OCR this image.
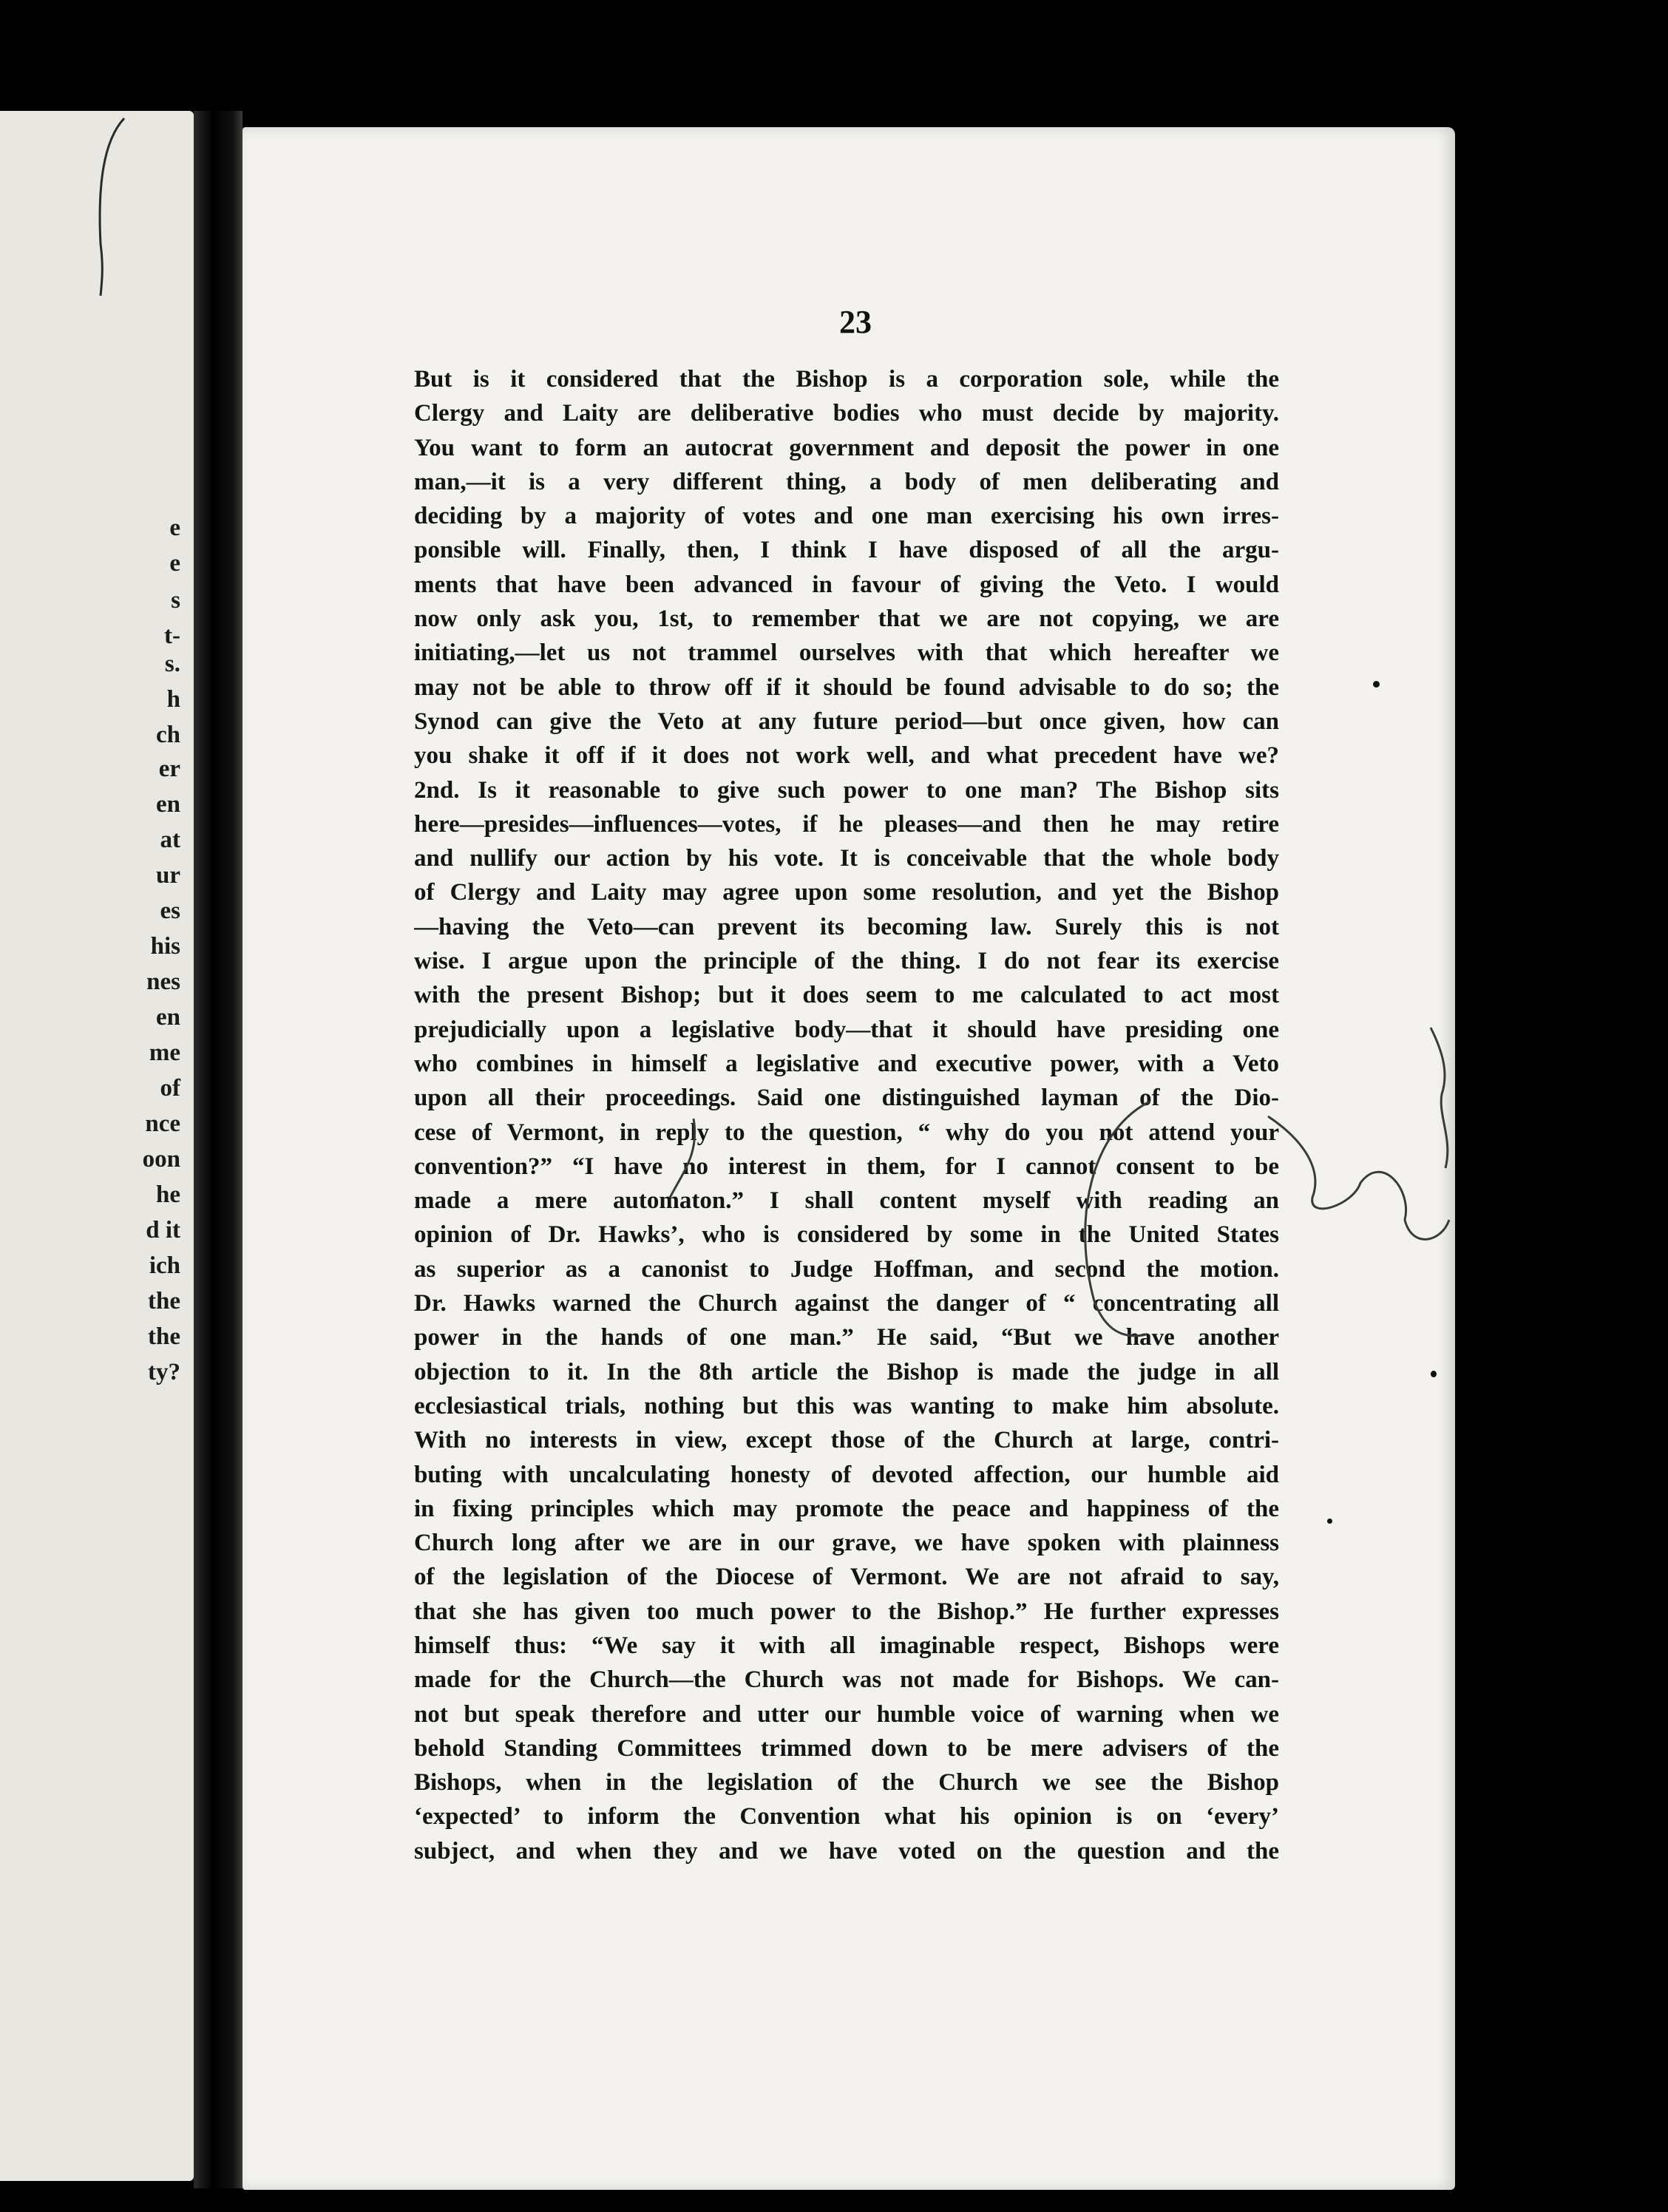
e
e
s
t-
s.
h
ch
er
en
at
ur
es
his
nes
en
me
of
nce
oon
he
d it
ich
the
the
ty?
23
But is it considered that the Bishop is a corporation sole, while the
Clergy and Laity are deliberative bodies who must decide by majority.
You want to form an autocrat government and deposit the power in one
man,—it is a very different thing, a body of men deliberating and
deciding by a majority of votes and one man exercising his own irres-
ponsible will. Finally, then, I think I have disposed of all the argu-
ments that have been advanced in favour of giving the Veto. I would
now only ask you, 1st, to remember that we are not copying, we are
initiating,—let us not trammel ourselves with that which hereafter we
may not be able to throw off if it should be found advisable to do so; the
Synod can give the Veto at any future period—but once given, how can
you shake it off if it does not work well, and what precedent have we?
2nd. Is it reasonable to give such power to one man? The Bishop sits
here—presides—influences—votes, if he pleases—and then he may retire
and nullify our action by his vote. It is conceivable that the whole body
of Clergy and Laity may agree upon some resolution, and yet the Bishop
—having the Veto—can prevent its becoming law. Surely this is not
wise. I argue upon the principle of the thing. I do not fear its exercise
with the present Bishop; but it does seem to me calculated to act most
prejudicially upon a legislative body—that it should have presiding one
who combines in himself a legislative and executive power, with a Veto
upon all their proceedings. Said one distinguished layman of the Dio-
cese of Vermont, in reply to the question, “ why do you not attend your
convention?” “I have no interest in them, for I cannot consent to be
made a mere automaton.” I shall content myself with reading an
opinion of Dr. Hawks’, who is considered by some in the United States
as superior as a canonist to Judge Hoffman, and second the motion.
Dr. Hawks warned the Church against the danger of “ concentrating all
power in the hands of one man.” He said, “But we have another
objection to it. In the 8th article the Bishop is made the judge in all
ecclesiastical trials, nothing but this was wanting to make him absolute.
With no interests in view, except those of the Church at large, contri-
buting with uncalculating honesty of devoted affection, our humble aid
in fixing principles which may promote the peace and happiness of the
Church long after we are in our grave, we have spoken with plainness
of the legislation of the Diocese of Vermont. We are not afraid to say,
that she has given too much power to the Bishop.” He further expresses
himself thus: “We say it with all imaginable respect, Bishops were
made for the Church—the Church was not made for Bishops. We can-
not but speak therefore and utter our humble voice of warning when we
behold Standing Committees trimmed down to be mere advisers of the
Bishops, when in the legislation of the Church we see the Bishop
‘expected’ to inform the Convention what his opinion is on ‘every’
subject, and when they and we have voted on the question and the
